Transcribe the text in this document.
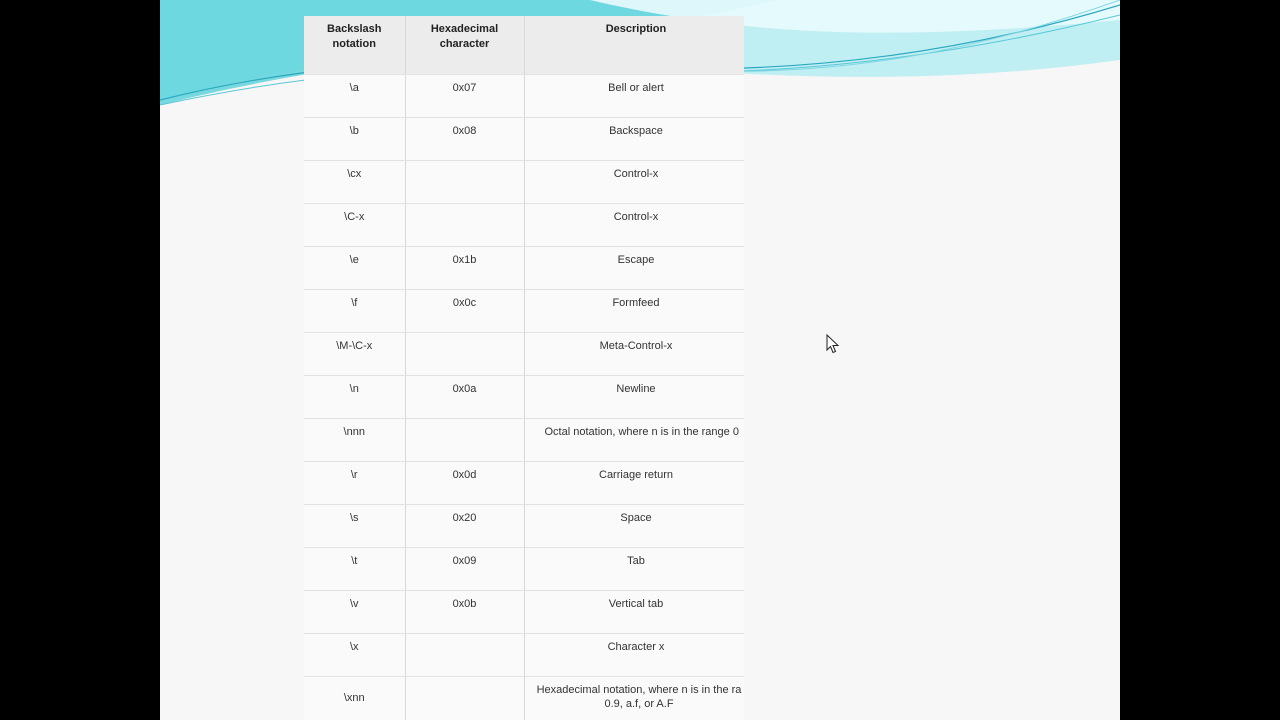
Backslash notation	Hexadecimal character	Description
\a	0x07	Bell or alert
\b	0x08	Backspace
\cx		Control-x
\C-x		Control-x
\e	0x1b	Escape
\f	0x0c	Formfeed
\M-\C-x		Meta-Control-x
\n	0x0a	Newline
\nnn		Octal notation, where n is in the range 0
\r	0x0d	Carriage return
\s	0x20	Space
\t	0x09	Tab
\v	0x0b	Vertical tab
\x		Character x
\xnn		Hexadecimal notation, where n is in the ra 0.9, a.f, or A.F
